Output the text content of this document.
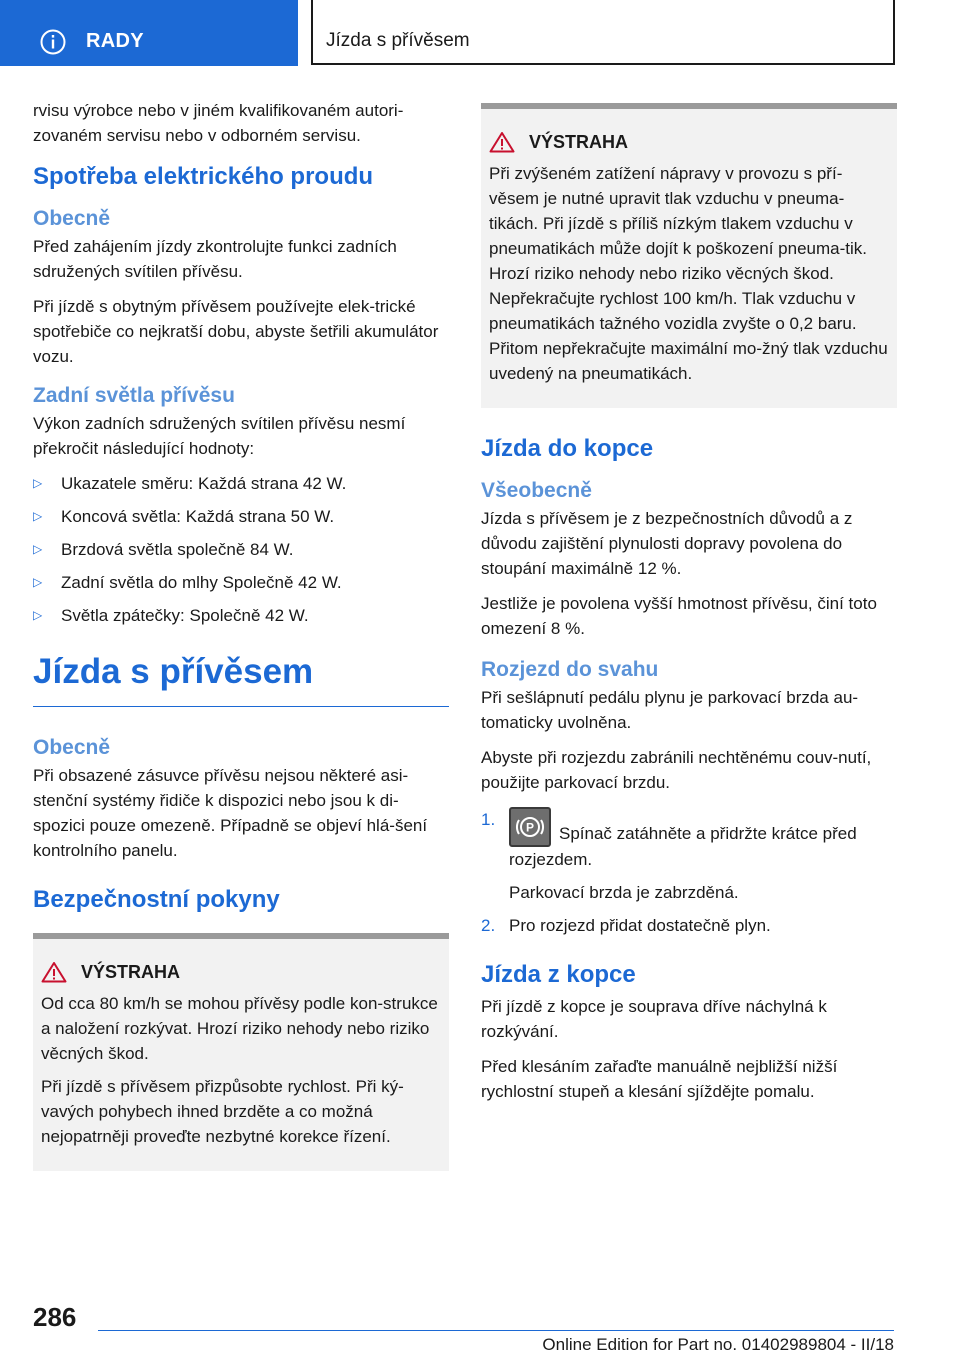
RADY	Jízda s přívěsem

rvisu výrobce nebo v jiném kvalifikovaném autori-zovaném servisu nebo v odborném servisu.

Spotřeba elektrického proudu
Obecně

Před zahájením jízdy zkontrolujte funkci zadních sdružených svítilen přívěsu.

Při jízdě s obytným přívěsem používejte elek-trické spotřebiče co nejkratší dobu, abyste šetřili akumulátor vozu.

Zadní světla přívěsu

Výkon zadních sdružených svítilen přívěsu nesmí překročit následující hodnoty:

▷ Ukazatele směru: Každá strana 42 W.
▷ Koncová světla: Každá strana 50 W.
▷ Brzdová světla společně 84 W.
▷ Zadní světla do mlhy Společně 42 W.
▷ Světla zpátečky: Společně 42 W.
Jízda s přívěsem
Obecně

Při obsazené zásuvce přívěsu nejsou některé asi-stenční systémy řidiče k dispozici nebo jsou k di-spozici pouze omezeně. Případně se objeví hlá-šení kontrolního panelu.

Bezpečnostní pokyny
VÝSTRAHA

Od cca 80 km/h se mohou přívěsy podle kon-strukce a naložení rozkývat. Hrozí riziko nehody nebo riziko věcných škod.

Při jízdě s přívěsem přizpůsobte rychlost. Při ký-vavých pohybech ihned brzděte a co možná nejopatrněji proveďte nezbytné korekce řízení.

VÝSTRAHA

Při zvýšeném zatížení nápravy v provozu s pří-věsem je nutné upravit tlak vzduchu v pneuma-tikách. Při jízdě s příliš nízkým tlakem vzduchu v pneumatikách může dojít k poškození pneuma-tik. Hrozí riziko nehody nebo riziko věcných škod. Nepřekračujte rychlost 100 km/h. Tlak vzduchu v pneumatikách tažného vozidla zvyšte o 0,2 baru. Přitom nepřekračujte maximální mo-žný tlak vzduchu uvedený na pneumatikách.

Jízda do kopce
Všeobecně

Jízda s přívěsem je z bezpečnostních důvodů a z důvodu zajištění plynulosti dopravy povolena do stoupání maximálně 12 %.

Jestliže je povolena vyšší hmotnost přívěsu, činí toto omezení 8 %.

Rozjezd do svahu

Při sešlápnutí pedálu plynu je parkovací brzda au-tomaticky uvolněna.

Abyste při rozjezdu zabránili nechtěnému couv-nutí, použijte parkovací brzdu.

1.	P Spínač zatáhněte a přidržte krátce před rozjezdem.
Parkovací brzda je zabrzděná.
2. Pro rozjezd přidat dostatečně plyn.
Jízda z kopce

Při jízdě z kopce je souprava dříve náchylná k rozkývání.

Před klesáním zařaďte manuálně nejbližší nižší rychlostní stupeň a klesání sjíždějte pomalu.

286
Online Edition for Part no. 01402989804 - II/18
